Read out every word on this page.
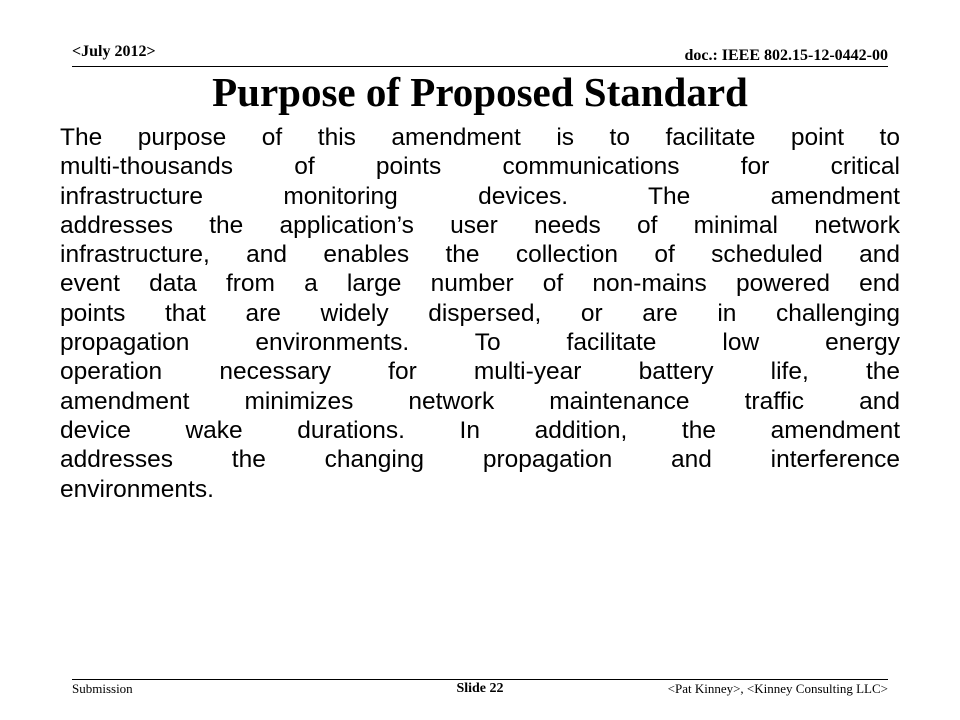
<July 2012>	doc.: IEEE 802.15-12-0442-00
Purpose of Proposed Standard
The purpose of this amendment is to facilitate point to
multi-thousands of points communications for critical
infrastructure monitoring devices. The amendment
addresses the application’s user needs of minimal network
infrastructure, and enables the collection of scheduled and
event data from a large number of non-mains powered end
points that are widely dispersed, or are in challenging
propagation environments. To facilitate low energy
operation necessary for multi-year battery life, the
amendment minimizes network maintenance traffic and
device wake durations. In addition, the amendment
addresses the changing propagation and interference
environments.
Submission	Slide 22	<Pat Kinney>, <Kinney Consulting LLC>
